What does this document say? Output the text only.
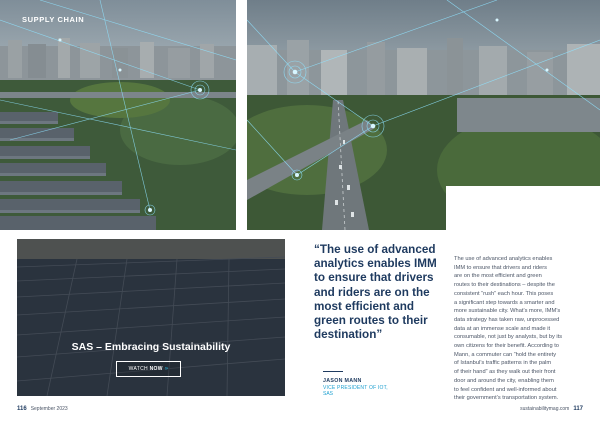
SUPPLY CHAIN
SAS – Embracing Sustainability
WATCH
NOW »
“The use of advanced analytics enables IMM to ensure that drivers and riders are on the most efficient and green routes to their destination”
JASON MANN
VICE PRESIDENT OF IOT,
SAS
The use of advanced analytics enables
IMM to ensure that drivers and riders
are on the most efficient and green
routes to their destinations – despite the
consistent “rush” each hour. This poses
a significant step towards a smarter and
more sustainable city. What’s more, IMM’s
data strategy has taken raw, unprocessed
data at an immense scale and made it
consumable, not just by analysts, but by its
own citizens for their benefit. According to
Mann, a commuter can “hold the entirety
of Istanbul’s traffic patterns in the palm
of their hand” as they walk out their front
door and around the city, enabling them
to feel confident and well-informed about
their government’s transportation system.
116 September 2023	sustainabilitymag.com 117
